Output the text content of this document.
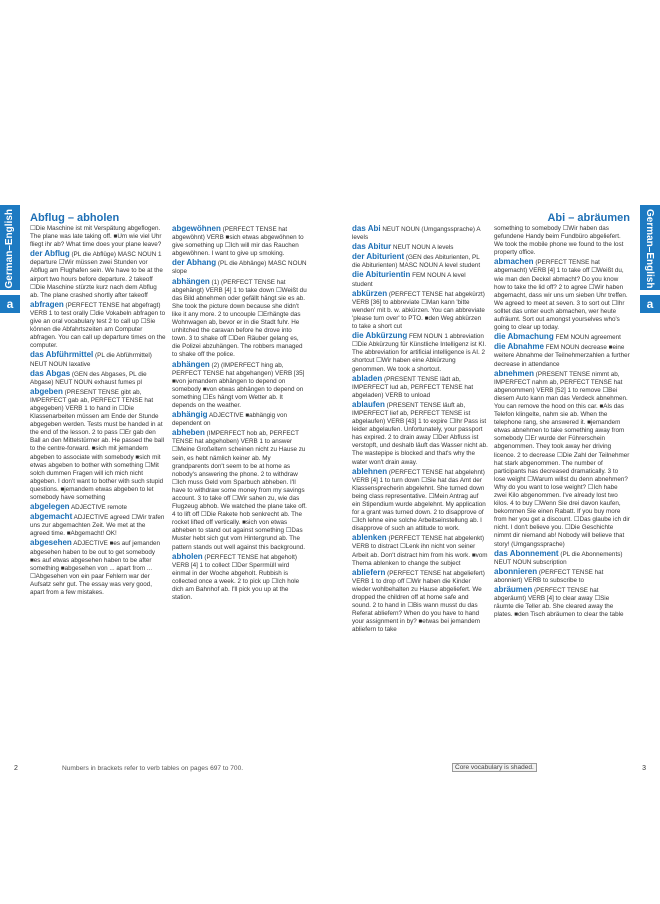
German–English
a
German–English
a
Abflug – abholen	Abi – abräumen
☐Die Maschine ist mit Verspätung abgeflogen. The plane was late taking off. ■Um wie viel Uhr fliegt ihr ab? What time does your plane leave?
der Abflug (PL die Abflüge) MASC NOUN 1 departure ☐Wir müssen zwei Stunden vor Abflug am Flughafen sein. We have to be at the airport two hours before departure. 2 takeoff ☐Die Maschine stürzte kurz nach dem Abflug ab. The plane crashed shortly after takeoff
abfragen (PERFECT TENSE hat abgefragt) VERB 1 to test orally ☐die Vokabeln abfragen to give an oral vocabulary test 2 to call up ☐Sie können die Abfahrtszeiten am Computer abfragen. You can call up departure times on the computer.
das Abführmittel (PL die Abführmittel) NEUT NOUN laxative
das Abgas (GEN des Abgases, PL die Abgase) NEUT NOUN exhaust fumes pl
abgeben (PRESENT TENSE gibt ab, IMPERFECT gab ab, PERFECT TENSE hat abgegeben) VERB 1 to hand in ☐Die Klassenarbeiten müssen am Ende der Stunde abgegeben werden. Tests must be handed in at the end of the lesson. 2 to pass ☐Er gab den Ball an den Mittelstürmer ab. He passed the ball to the centre-forward. ■sich mit jemandem abgeben to associate with somebody ■sich mit etwas abgeben to bother with something ☐Mit solch dummen Fragen will ich mich nicht abgeben. I don't want to bother with such stupid questions. ■jemandem etwas abgeben to let somebody have something
abgelegen ADJECTIVE remote
abgemacht ADJECTIVE agreed ☐Wir trafen uns zur abgemachten Zeit. We met at the agreed time. ■Abgemacht! OK!
abgesehen ADJECTIVE ■es auf jemanden abgesehen haben to be out to get somebody ■es auf etwas abgesehen haben to be after something ■abgesehen von ... apart from ... ☐Abgesehen von ein paar Fehlern war der Aufsatz sehr gut. The essay was very good, apart from a few mistakes.
abgewöhnen (PERFECT TENSE hat abgewöhnt) VERB ■sich etwas abgewöhnen to give something up ☐Ich will mir das Rauchen abgewöhnen. I want to give up smoking.
der Abhang (PL die Abhänge) MASC NOUN slope
abhängen (1) (PERFECT TENSE hat abgehängt) VERB [4] 1 to take down ☐Weißt du das Bild abnehmen oder gefällt hängt sie es ab. She took the picture down because she didn't like it any more. 2 to uncouple ☐Erhängte das Wohnwagen ab, bevor er in die Stadt fuhr. He unhitched the caravan before he drove into town. 3 to shake off ☐Den Räuber gelang es, die Polizei abzuhängen. The robbers managed to shake off the police.
abhängen (2) (IMPERFECT hing ab, PERFECT TENSE hat abgehangen) VERB [35] ■von jemandem abhängen to depend on somebody ■von etwas abhängen to depend on something ☐Es hängt vom Wetter ab. It depends on the weather.
abhängig ADJECTIVE ■abhängig von dependent on
abheben (IMPERFECT hob ab, PERFECT TENSE hat abgehoben) VERB 1 to answer ☐Meine Großeltern scheinen nicht zu Hause zu sein, es hebt nämlich keiner ab. My grandparents don't seem to be at home as nobody's answering the phone. 2 to withdraw ☐Ich muss Geld vom Sparbuch abheben. I'll have to withdraw some money from my savings account. 3 to take off ☐Wir sahen zu, wie das Flugzeug abhob. We watched the plane take off. 4 to lift off ☐Die Rakete hob senkrecht ab. The rocket lifted off vertically. ■sich von etwas abheben to stand out against something ☐Das Muster hebt sich gut vom Hintergrund ab. The pattern stands out well against this background.
abholen (PERFECT TENSE hat abgeholt) VERB [4] 1 to collect ☐Der Sperrmüll wird einmal in der Woche abgeholt. Rubbish is collected once a week. 2 to pick up ☐Ich hole dich am Bahnhof ab. I'll pick you up at the station.
das Abi NEUT NOUN (Umgangssprache) A levels
das Abitur NEUT NOUN A levels
der Abiturient (GEN des Abiturienten, PL die Abiturienten) MASC NOUN A level student
die Abiturientin FEM NOUN A level student
abkürzen (PERFECT TENSE hat abgekürzt) VERB [36] to abbreviate ☐Man kann 'bitte wenden' mit b. w. abkürzen. You can abbreviate 'please turn over' to PTO. ■den Weg abkürzen to take a short cut
die Abkürzung FEM NOUN 1 abbreviation ☐Die Abkürzung für Künstliche Intelligenz ist KI. The abbreviation for artificial intelligence is AI. 2 shortcut ☐Wir haben eine Abkürzung genommen. We took a shortcut.
abladen (PRESENT TENSE lädt ab, IMPERFECT lud ab, PERFECT TENSE hat abgeladen) VERB to unload
ablaufen (PRESENT TENSE läuft ab, IMPERFECT lief ab, PERFECT TENSE ist abgelaufen) VERB [43] 1 to expire ☐Ihr Pass ist leider abgelaufen. Unfortunately, your passport has expired. 2 to drain away ☐Der Abfluss ist verstopft, und deshalb läuft das Wasser nicht ab. The wastepipe is blocked and that's why the water won't drain away.
ablehnen (PERFECT TENSE hat abgelehnt) VERB [4] 1 to turn down ☐Sie hat das Amt der Klassensprecherin abgelehnt. She turned down being class representative. ☐Mein Antrag auf ein Stipendium wurde abgelehnt. My application for a grant was turned down. 2 to disapprove of ☐Ich lehne eine solche Arbeitseinstellung ab. I disapprove of such an attitude to work.
ablenken (PERFECT TENSE hat abgelenkt) VERB to distract ☐Lenk ihn nicht von seiner Arbeit ab. Don't distract him from his work. ■vom Thema ablenken to change the subject
abliefern (PERFECT TENSE hat abgeliefert) VERB 1 to drop off ☐Wir haben die Kinder wieder wohlbehalten zu Hause abgeliefert. We dropped the children off at home safe and sound. 2 to hand in ☐Bis wann musst du das Referat abliefern? When do you have to hand your assignment in by? ■etwas bei jemandem abliefern to take
something to somebody ☐Wir haben das gefundene Handy beim Fundbüro abgeliefert. We took the mobile phone we found to the lost property office.
abmachen (PERFECT TENSE hat abgemacht) VERB [4] 1 to take off ☐Weißt du, wie man den Deckel abmacht? Do you know how to take the lid off? 2 to agree ☐Wir haben abgemacht, dass wir uns um sieben Uhr treffen. We agreed to meet at seven. 3 to sort out ☐Ihr solltet das unter euch abmachen, wer heute aufräumt. Sort out amongst yourselves who's going to clear up today.
die Abmachung FEM NOUN agreement
die Abnahme FEM NOUN decrease ■eine weitere Abnahme der Teilnehmerzahlen a further decrease in attendance
abnehmen (PRESENT TENSE nimmt ab, IMPERFECT nahm ab, PERFECT TENSE hat abgenommen) VERB [52] 1 to remove ☐Bei diesem Auto kann man das Verdeck abnehmen. You can remove the hood on this car. ■Als das Telefon klingelte, nahm sie ab. When the telephone rang, she answered it. ■jemandem etwas abnehmen to take something away from somebody ☐Er wurde der Führerschein abgenommen. They took away her driving licence. 2 to decrease ☐Die Zahl der Teilnehmer hat stark abgenommen. The number of participants has decreased dramatically. 3 to lose weight ☐Warum willst du denn abnehmen? Why do you want to lose weight? ☐Ich habe zwei Kilo abgenommen. I've already lost two kilos. 4 to buy ☐Wenn Sie drei davon kaufen, bekommen Sie einen Rabatt. If you buy more from her you get a discount. ☐Das glaube ich dir nicht. I don't believe you. ☐Die Geschichte nimmt dir niemand ab! Nobody will believe that story! (Umgangssprache)
das Abonnement (PL die Abonnements) NEUT NOUN subscription
abonnieren (PERFECT TENSE hat abonniert) VERB to subscribe to
abräumen (PERFECT TENSE hat abgeräumt) VERB [4] to clear away ☐Sie räumte die Teller ab. She cleared away the plates. ■den Tisch abräumen to clear the table
2	Numbers in brackets refer to verb tables on pages 697 to 700.	Core vocabulary is shaded.	3
